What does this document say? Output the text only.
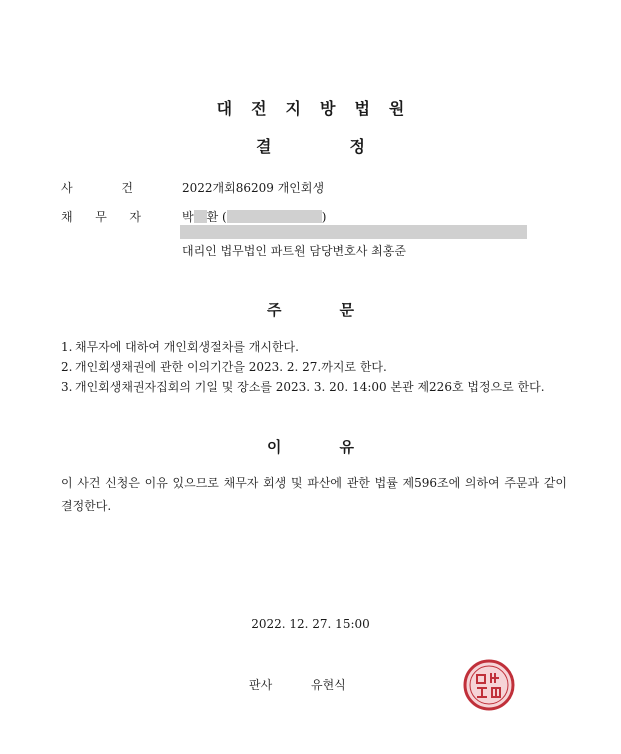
대전지방법원
결정
사	건	2022개회86209 개인회생
채 무 자	박 환 (	)
대리인 법무법인 파트원 담당변호사 최홍준
주문
1. 채무자에 대하여 개인회생절차를 개시한다.
2. 개인회생채권에 관한 이의기간을 2023. 2. 27.까지로 한다.
3. 개인회생채권자집회의 기일 및 장소를 2023. 3. 20. 14:00 본관 제226호 법정으로 한다.
이유
이 사건 신청은 이유 있으므로 채무자 회생 및 파산에 관한 법률 제596조에 의하여 주문과 같이 결정한다.
2022. 12. 27. 15:00
판사	유현식
